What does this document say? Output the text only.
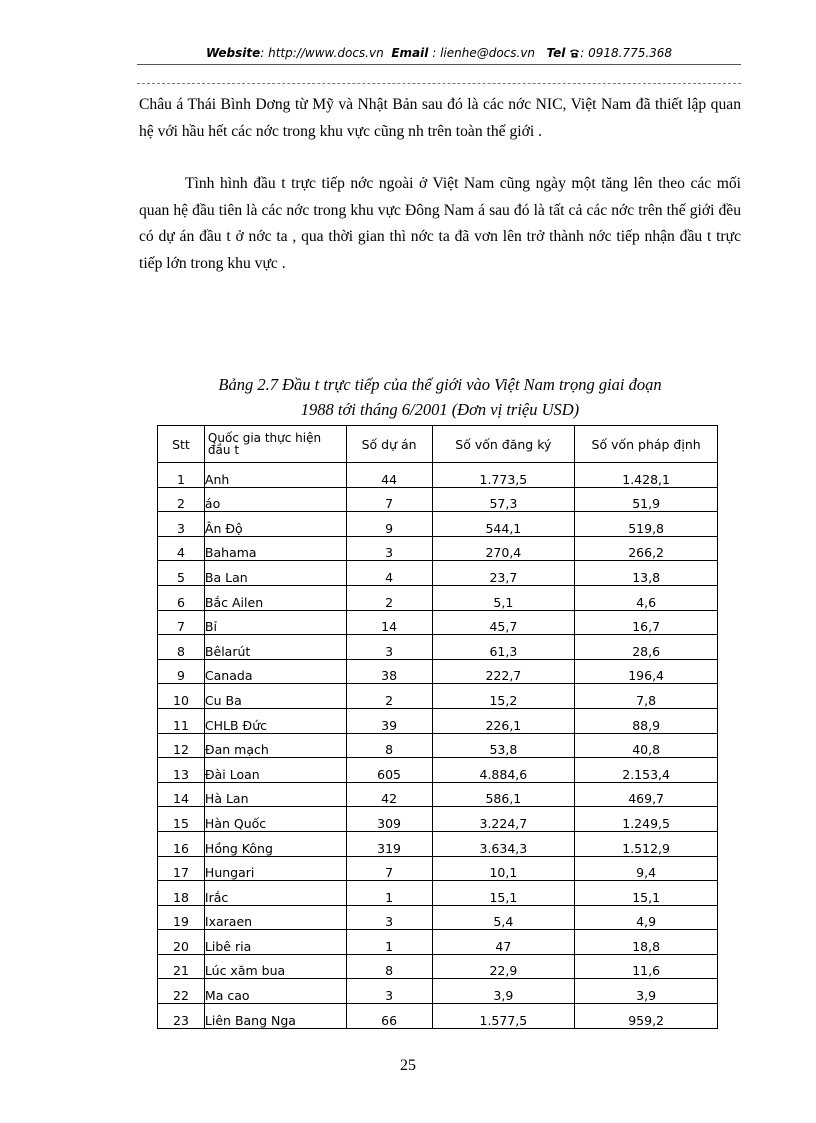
Website: http://www.docs.vn Email : lienhe@docs.vn Tel : 0918.775.368
Châu á Thái Bình Dơng từ Mỹ và Nhật Bản sau đó là các nớc NIC, Việt Nam đã thiết lập quan hệ với hầu hết các nớc trong khu vực cũng nh trên toàn thế giới .
Tình hình đầu t trực tiếp nớc ngoài ở Việt Nam cũng ngày một tăng lên theo các mối quan hệ đầu tiên là các nớc trong khu vực Đông Nam á sau đó là tất cả các nớc trên thế giới đều có dự án đầu t ở nớc ta , qua thời gian thì nớc ta đã vơn lên trở thành nớc tiếp nhận đầu t trực tiếp lớn trong khu vực .
Bảng 2.7 Đầu t trực tiếp của thế giới vào Việt Nam trọng giai đoạn
1988 tới tháng 6/2001 (Đơn vị triệu USD)
Stt	Quốc gia thực hiện đầu t	Số dự án	Số vốn đăng ký	Số vốn pháp định
1	Anh	44	1.773,5	1.428,1
2	áo	7	57,3	51,9
3	Ân Độ	9	544,1	519,8
4	Bahama	3	270,4	266,2
5	Ba Lan	4	23,7	13,8
6	Bắc Ailen	2	5,1	4,6
7	Bỉ	14	45,7	16,7
8	Bêlarút	3	61,3	28,6
9	Canada	38	222,7	196,4
10	Cu Ba	2	15,2	7,8
11	CHLB Đức	39	226,1	88,9
12	Đan mạch	8	53,8	40,8
13	Đài Loan	605	4.884,6	2.153,4
14	Hà Lan	42	586,1	469,7
15	Hàn Quốc	309	3.224,7	1.249,5
16	Hồng Kông	319	3.634,3	1.512,9
17	Hungari	7	10,1	9,4
18	Irắc	1	15,1	15,1
19	Ixaraen	3	5,4	4,9
20	Libê ria	1	47	18,8
21	Lúc xăm bua	8	22,9	11,6
22	Ma cao	3	3,9	3,9
23	Liên Bang Nga	66	1.577,5	959,2
25
